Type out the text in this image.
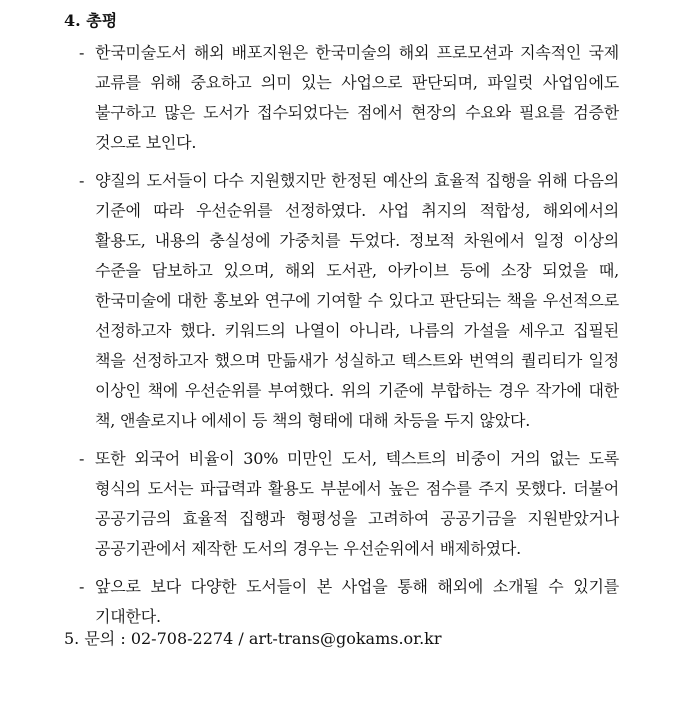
4. 총평
- 한국미술도서 해외 배포지원은 한국미술의 해외 프로모션과 지속적인 국제 교류를 위해 중요하고 의미 있는 사업으로 판단되며, 파일럿 사업임에도 불구하고 많은 도서가 접수되었다는 점에서 현장의 수요와 필요를 검증한 것으로 보인다.
- 양질의 도서들이 다수 지원했지만 한정된 예산의 효율적 집행을 위해 다음의 기준에 따라 우선순위를 선정하였다. 사업 취지의 적합성, 해외에서의 활용도, 내용의 충실성에 가중치를 두었다. 정보적 차원에서 일정 이상의 수준을 담보하고 있으며, 해외 도서관, 아카이브 등에 소장 되었을 때, 한국미술에 대한 홍보와 연구에 기여할 수 있다고 판단되는 책을 우선적으로 선정하고자 했다. 키워드의 나열이 아니라, 나름의 가설을 세우고 집필된 책을 선정하고자 했으며 만듦새가 성실하고 텍스트와 번역의 퀄리티가 일정 이상인 책에 우선순위를 부여했다. 위의 기준에 부합하는 경우 작가에 대한 책, 앤솔로지나 에세이 등 책의 형태에 대해 차등을 두지 않았다.
- 또한 외국어 비율이 30% 미만인 도서, 텍스트의 비중이 거의 없는 도록 형식의 도서는 파급력과 활용도 부분에서 높은 점수를 주지 못했다. 더불어 공공기금의 효율적 집행과 형평성을 고려하여 공공기금을 지원받았거나 공공기관에서 제작한 도서의 경우는 우선순위에서 배제하였다.
- 앞으로 보다 다양한 도서들이 본 사업을 통해 해외에 소개될 수 있기를 기대한다.
5. 문의 : 02-708-2274 / art-trans@gokams.or.kr
